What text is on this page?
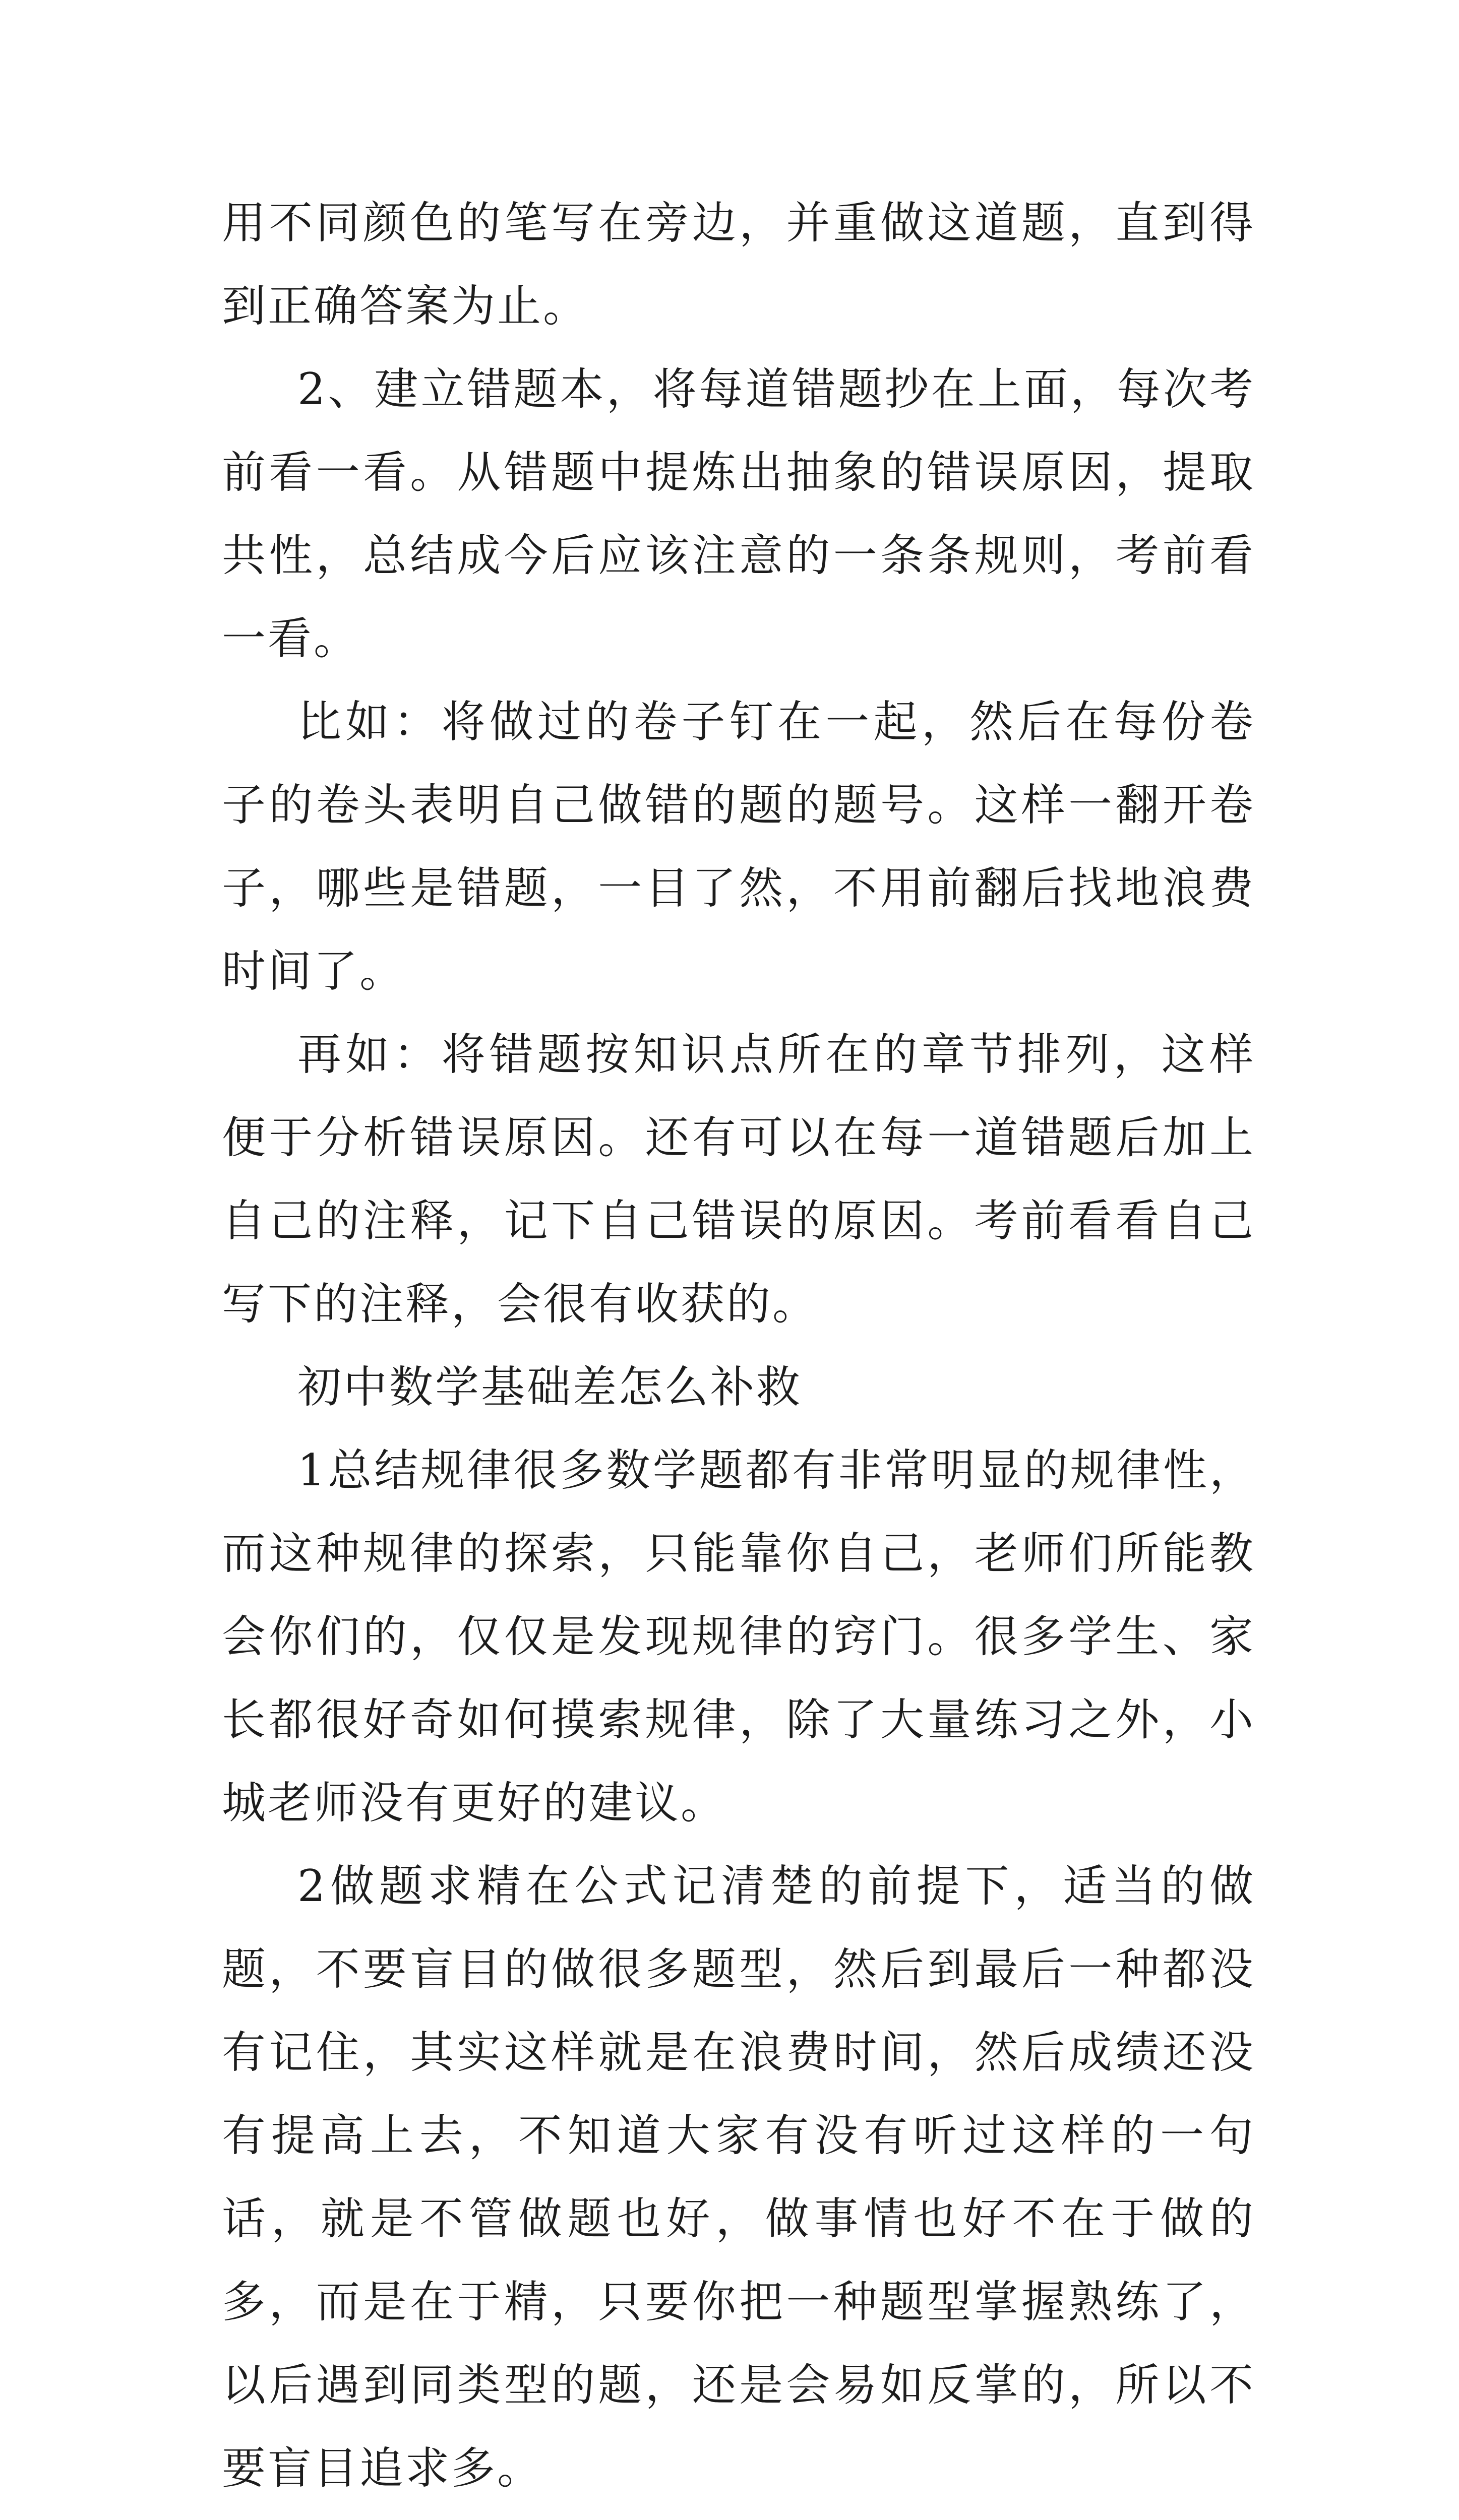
用不同颜色的笔写在旁边，并重做这道题，直到得到正确答案为止。

2、建立错题本，将每道错题抄在上面，每次考前看一看。从错题中提炼出抽象的错误原因，提取共性，总结成今后应该注意的一条条规则，考前看一看。

比如：将做过的卷子钉在一起，然后在每份卷子的卷头表明自己做错的题的题号。这样一翻开卷子，哪些是错题，一目了然，不用前翻后找地浪费时间了。

再如：将错题按知识点所在的章节排列，这样便于分析错误原因。还有可以在每一道错题后加上自己的注释，记下自己错误的原因。考前看看自己写下的注释，会很有收获的。

初中数学基础差怎么补救

1总结规律很多数学题都有非常明显的规律性，而这种规律的探索，只能靠你自己，老师们所能教会你们的，仅仅是发现规律的窍门。很多学生、家长都很好奇如何摸索规律，除了大量练习之外，小城老师没有更好的建议。

2做题求精在公式记清楚的前提下，适当的做题，不要盲目的做很多题型，然后到最后一种都没有记住，其实这样就是在浪费时间，然后成绩还没有提高上去，不知道大家有没有听过这样的一句话，就是不管做题也好，做事情也好不在于做的多，而是在于精，只要你把一种题型掌握熟练了，以后遇到同类型的题，还是会易如反掌的，所以不要盲目追求多。
